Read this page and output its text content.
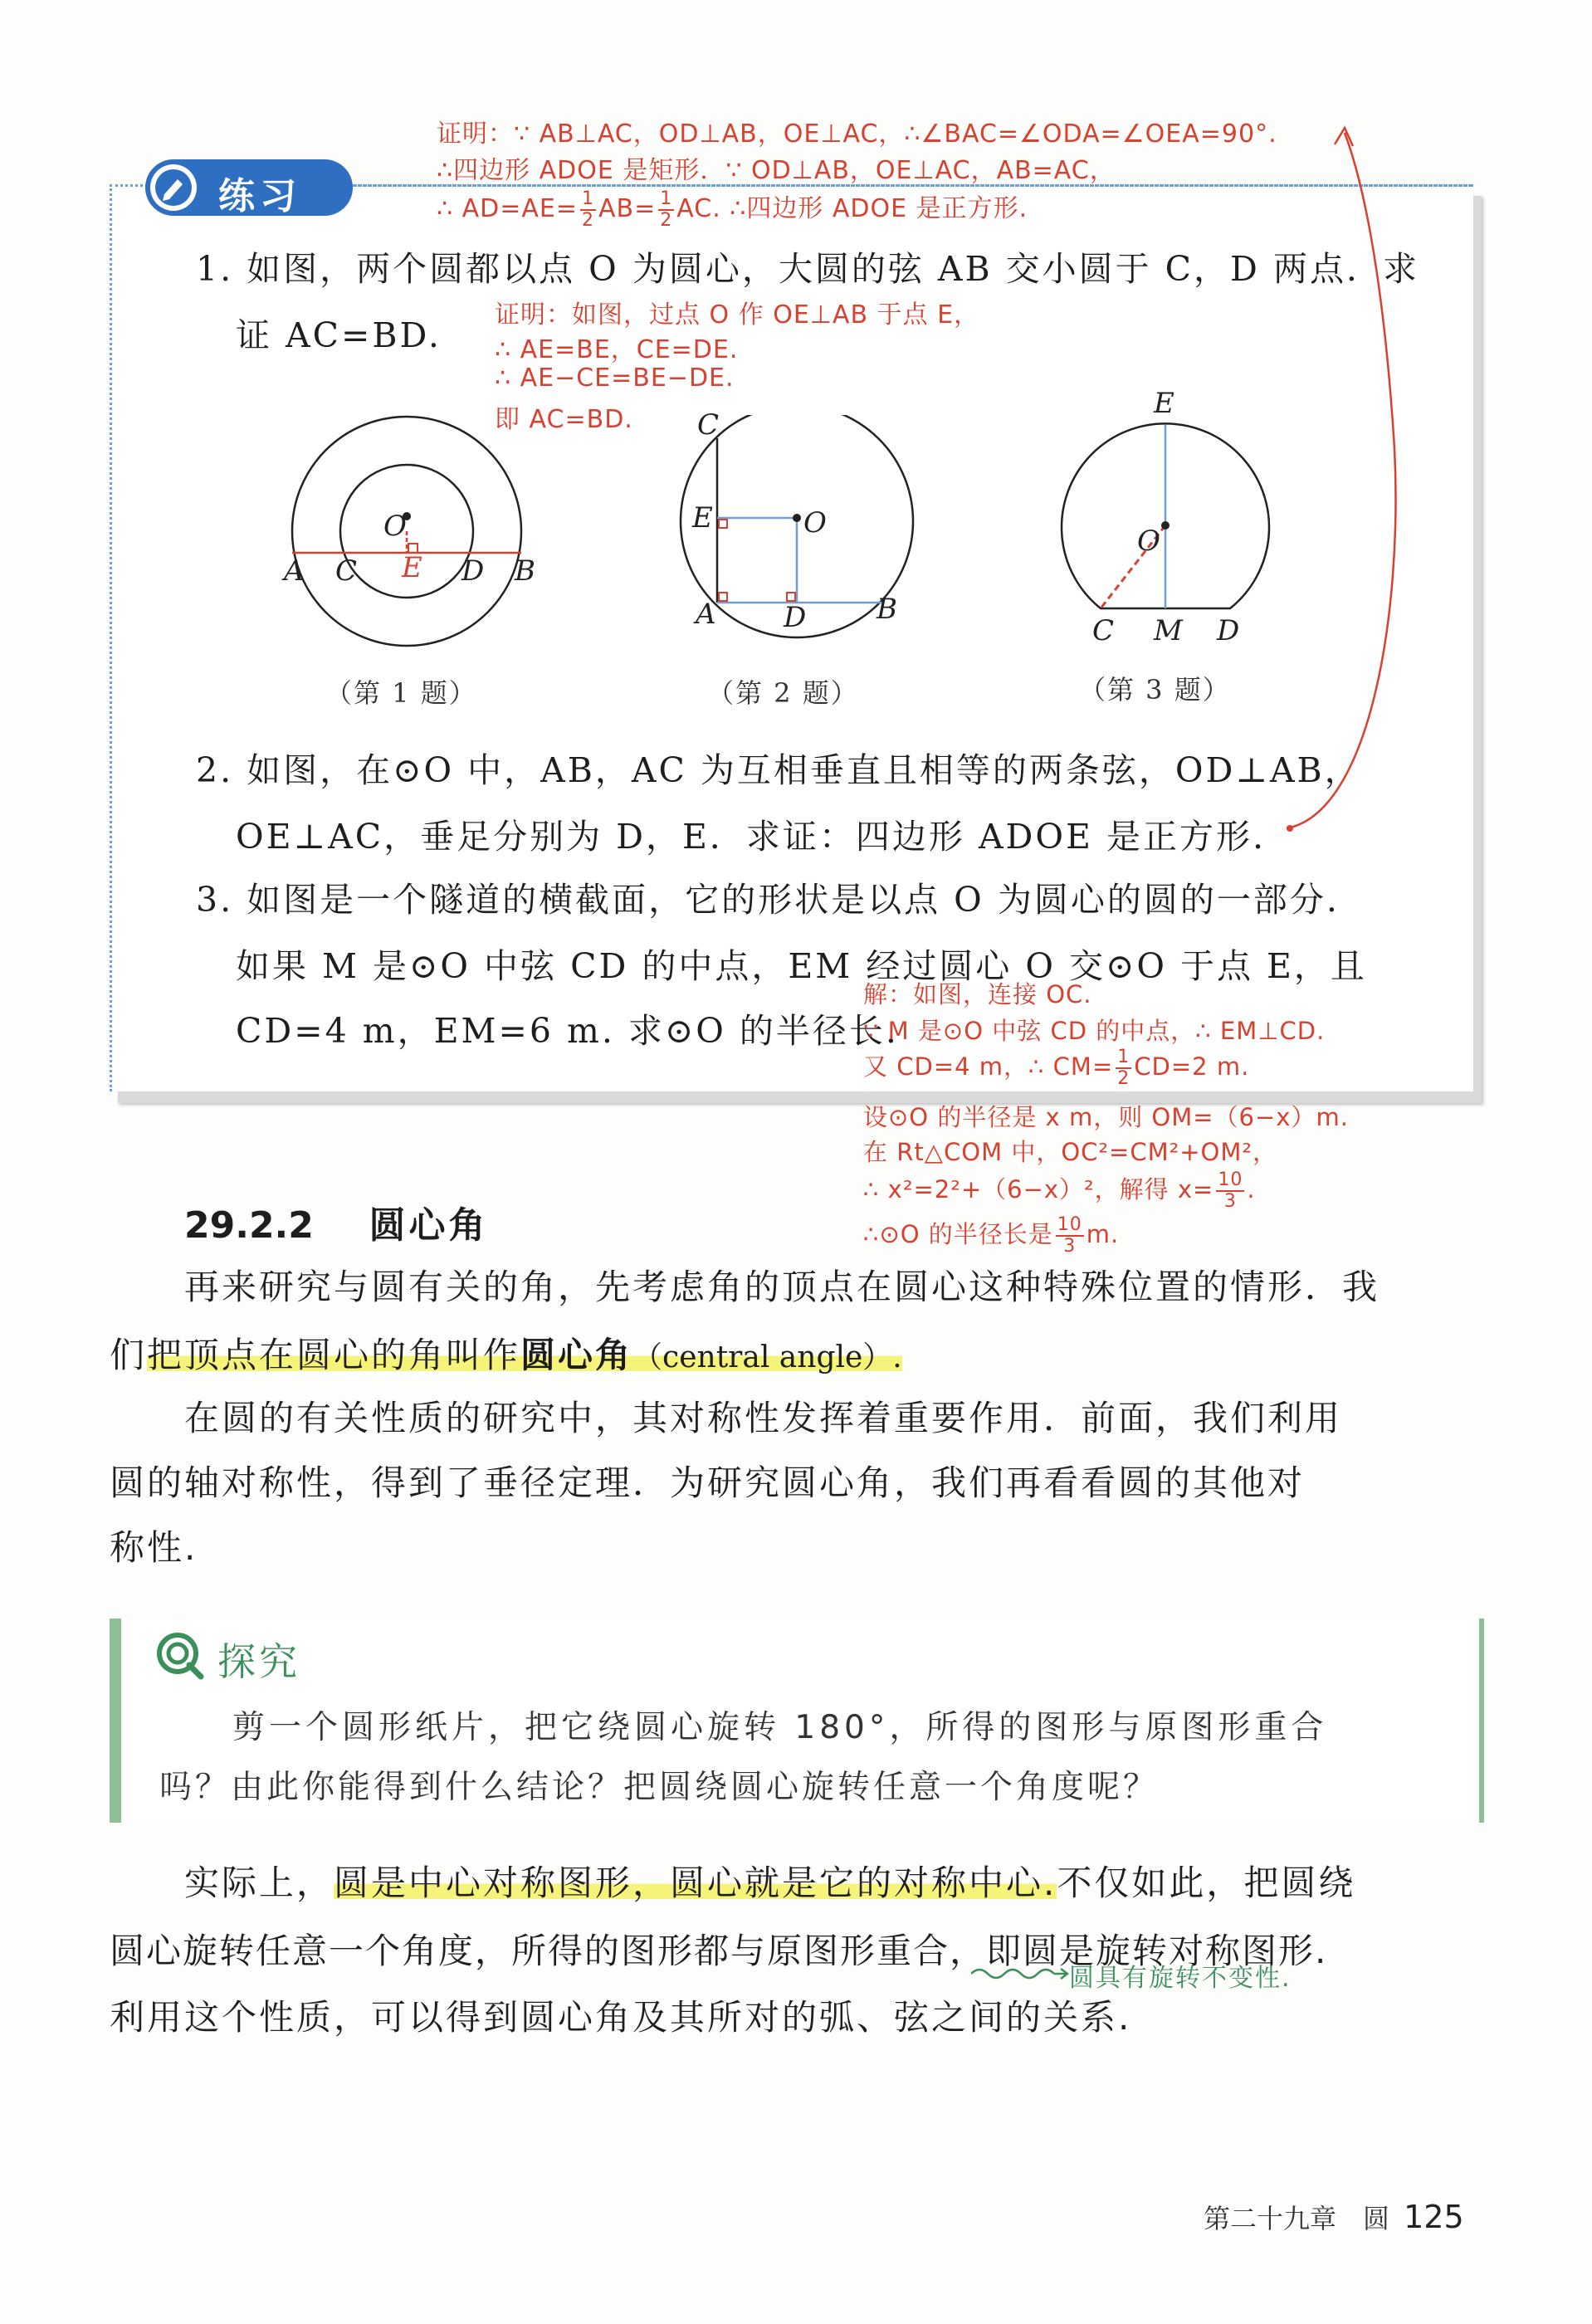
练习
1. 如图，两个圆都以点 O 为圆心，大圆的弦 AB 交小圆于 C，D 两点．求
证 AC=BD.
O
A C E D B
C
E	O
A D B
E
O
C M D
（第 1 题）	（第 2 题）	（第 3 题）
2. 如图，在⊙O 中，AB，AC 为互相垂直且相等的两条弦，OD⊥AB，
OE⊥AC，垂足分别为 D，E．求证：四边形 ADOE 是正方形.
3. 如图是一个隧道的横截面，它的形状是以点 O 为圆心的圆的一部分.
如果 M 是⊙O 中弦 CD 的中点，EM 经过圆心 O 交⊙O 于点 E，且
CD=4 m，EM=6 m. 求⊙O 的半径长.
证明：∵ AB⊥AC，OD⊥AB，OE⊥AC，∴∠BAC=∠ODA=∠OEA=90°.
∴四边形 ADOE 是矩形．∵ OD⊥AB，OE⊥AC，AB=AC，
∴ $AD=AE= \frac{1}{2} AB= \frac{1}{2}$ AC. ∴四边形 ADOE 是正方形.
证明：如图，过点 O 作 OE⊥AB 于点 E，
∴ AE=BE，CE=DE.
∴ AE−CE=BE−DE.
即 AC=BD.
解：如图，连接 OC.
∵ M 是⊙O 中弦 CD 的中点，∴ EM⊥CD.
又 CD=4 m，∴ $CM= \frac{1}{2} CD=2$ m.
设⊙O 的半径是 x m，则 OM=（6−x）m.
在 Rt△COM 中，OC²=CM²+OM²，
∴ x²=2²+（6−x）²，解得 $x= \frac{10}{3}$ .
∴⊙O 的半径长是 $\frac{10}{3} m$.
29.2.2 圆心角
再来研究与圆有关的角，先考虑角的顶点在圆心这种特殊位置的情形．我
们把顶点在圆心的角叫作圆心角（central angle）.
在圆的有关性质的研究中，其对称性发挥着重要作用．前面，我们利用
圆的轴对称性，得到了垂径定理．为研究圆心角，我们再看看圆的其他对
称性.
探究
剪一个圆形纸片，把它绕圆心旋转 180°，所得的图形与原图形重合
吗？由此你能得到什么结论？把圆绕圆心旋转任意一个角度呢？
实际上，圆是中心对称图形，圆心就是它的对称中心.不仅如此，把圆绕
圆心旋转任意一个角度，所得的图形都与原图形重合，即圆是旋转对称图形.
圆具有旋转不变性.
利用这个性质，可以得到圆心角及其所对的弧、弦之间的关系.
第二十九章　圆 125
